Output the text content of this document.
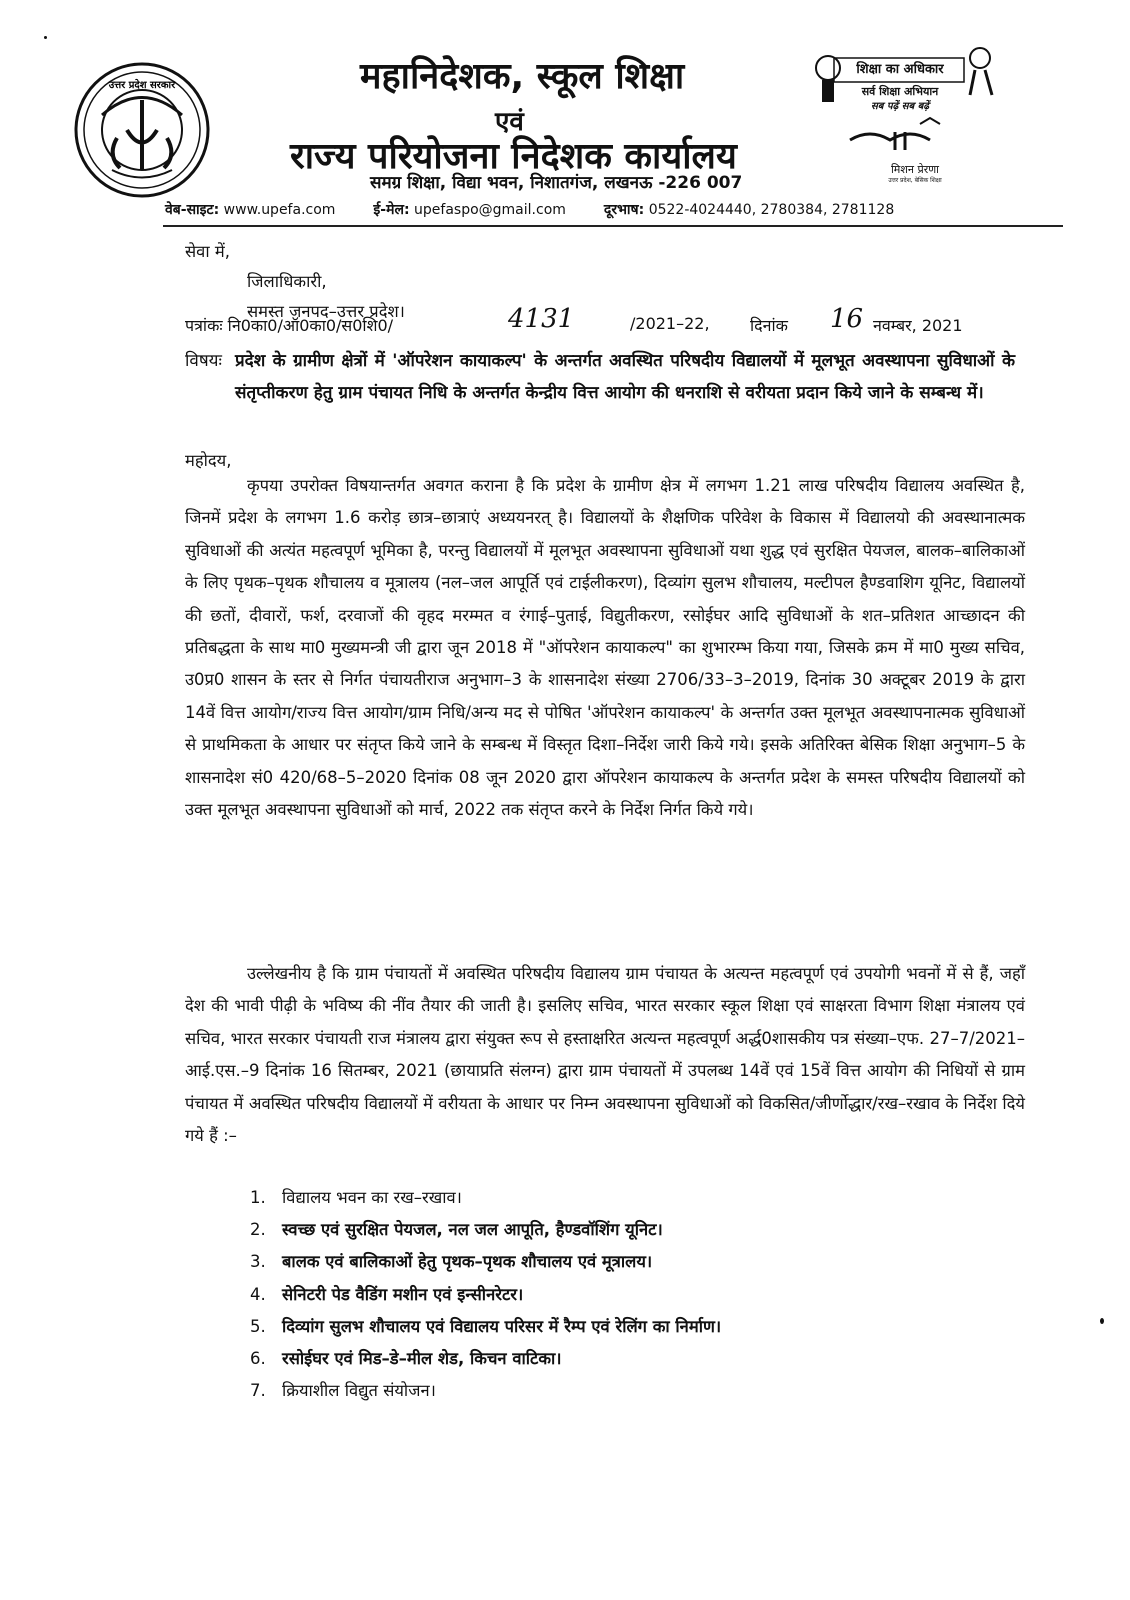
उत्तर प्रदेश सरकार	महानिदेशक, स्कूल शिक्षा
एवं
राज्य परियोजना निदेशक कार्यालय
समग्र शिक्षा, विद्या भवन, निशातगंज, लखनऊ -226 007
शिक्षा का अधिकार
सर्व शिक्षा अभियान
सब पढ़ें सब बढ़ें
मिशन प्रेरणा
उत्तर प्रदेश, बेसिक शिक्षा
वेब-साइट: www.upefa.com	ई-मेल: upefaspo@gmail.com	दूरभाष: 0522-4024440, 2780384, 2781128
सेवा में,
जिलाधिकारी,
समस्त जनपद–उत्तर प्रदेश।
पत्रांकः नि0का0/ऑ0का0/स0शि0/	4131	/2021–22,	दिनांक 16 नवम्बर, 2021
विषयः प्रदेश के ग्रामीण क्षेत्रों में 'ऑपरेशन कायाकल्प' के अन्तर्गत अवस्थित परिषदीय विद्यालयों में मूलभूत अवस्थापना सुविधाओं के संतृप्तीकरण हेतु ग्राम पंचायत निधि के अन्तर्गत केन्द्रीय वित्त आयोग की धनराशि से वरीयता प्रदान किये जाने के सम्बन्ध में।
महोदय,
कृपया उपरोक्त विषयान्तर्गत अवगत कराना है कि प्रदेश के ग्रामीण क्षेत्र में लगभग 1.21 लाख परिषदीय विद्यालय अवस्थित है, जिनमें प्रदेश के लगभग 1.6 करोड़ छात्र–छात्राएं अध्ययनरत् है। विद्यालयों के शैक्षणिक परिवेश के विकास में विद्यालयो की अवस्थानात्मक सुविधाओं की अत्यंत महत्वपूर्ण भूमिका है, परन्तु विद्यालयों में मूलभूत अवस्थापना सुविधाओं यथा शुद्ध एवं सुरक्षित पेयजल, बालक–बालिकाओं के लिए पृथक–पृथक शौचालय व मूत्रालय (नल–जल आपूर्ति एवं टाईलीकरण), दिव्यांग सुलभ शौचालय, मल्टीपल हैण्डवाशिग यूनिट, विद्यालयों की छतों, दीवारों, फर्श, दरवाजों की वृहद मरम्मत व रंगाई–पुताई, विद्युतीकरण, रसोईघर आदि सुविधाओं के शत–प्रतिशत आच्छादन की प्रतिबद्धता के साथ मा0 मुख्यमन्त्री जी द्वारा जून 2018 में "ऑपरेशन कायाकल्प" का शुभारम्भ किया गया, जिसके क्रम में मा0 मुख्य सचिव, उ0प्र0 शासन के स्तर से निर्गत पंचायतीराज अनुभाग–3 के शासनादेश संख्या 2706/33–3–2019, दिनांक 30 अक्टूबर 2019 के द्वारा 14वें वित्त आयोग/राज्य वित्त आयोग/ग्राम निधि/अन्य मद से पोषित 'ऑपरेशन कायाकल्प' के अन्तर्गत उक्त मूलभूत अवस्थापनात्मक सुविधाओं से प्राथमिकता के आधार पर संतृप्त किये जाने के सम्बन्ध में विस्तृत दिशा–निर्देश जारी किये गये। इसके अतिरिक्त बेसिक शिक्षा अनुभाग–5 के शासनादेश सं0 420/68–5–2020 दिनांक 08 जून 2020 द्वारा ऑपरेशन कायाकल्प के अन्तर्गत प्रदेश के समस्त परिषदीय विद्यालयों को उक्त मूलभूत अवस्थापना सुविधाओं को मार्च, 2022 तक संतृप्त करने के निर्देश निर्गत किये गये।
उल्लेखनीय है कि ग्राम पंचायतों में अवस्थित परिषदीय विद्यालय ग्राम पंचायत के अत्यन्त महत्वपूर्ण एवं उपयोगी भवनों में से हैं, जहाँ देश की भावी पीढ़ी के भविष्य की नींव तैयार की जाती है। इसलिए सचिव, भारत सरकार स्कूल शिक्षा एवं साक्षरता विभाग शिक्षा मंत्रालय एवं सचिव, भारत सरकार पंचायती राज मंत्रालय द्वारा संयुक्त रूप से हस्ताक्षरित अत्यन्त महत्वपूर्ण अर्द्ध0शासकीय पत्र संख्या–एफ. 27–7/2021–आई.एस.–9 दिनांक 16 सितम्बर, 2021 (छायाप्रति संलग्न) द्वारा ग्राम पंचायतों में उपलब्ध 14वें एवं 15वें वित्त आयोग की निधियों से ग्राम पंचायत में अवस्थित परिषदीय विद्यालयों में वरीयता के आधार पर निम्न अवस्थापना सुविधाओं को विकसित/जीर्णोद्धार/रख–रखाव के निर्देश दिये गये हैं :–
1. विद्यालय भवन का रख–रखाव।
2. स्वच्छ एवं सुरक्षित पेयजल, नल जल आपूति, हैण्डवॉशिंग यूनिट।
3. बालक एवं बालिकाओं हेतु पृथक–पृथक शौचालय एवं मूत्रालय।
4. सेनिटरी पेड वैडिंग मशीन एवं इन्सीनरेटर।
5. दिव्यांग सुलभ शौचालय एवं विद्यालय परिसर में रैम्प एवं रेलिंग का निर्माण।
6. रसोईघर एवं मिड–डे–मील शेड, किचन वाटिका।
7. क्रियाशील विद्युत संयोजन।
